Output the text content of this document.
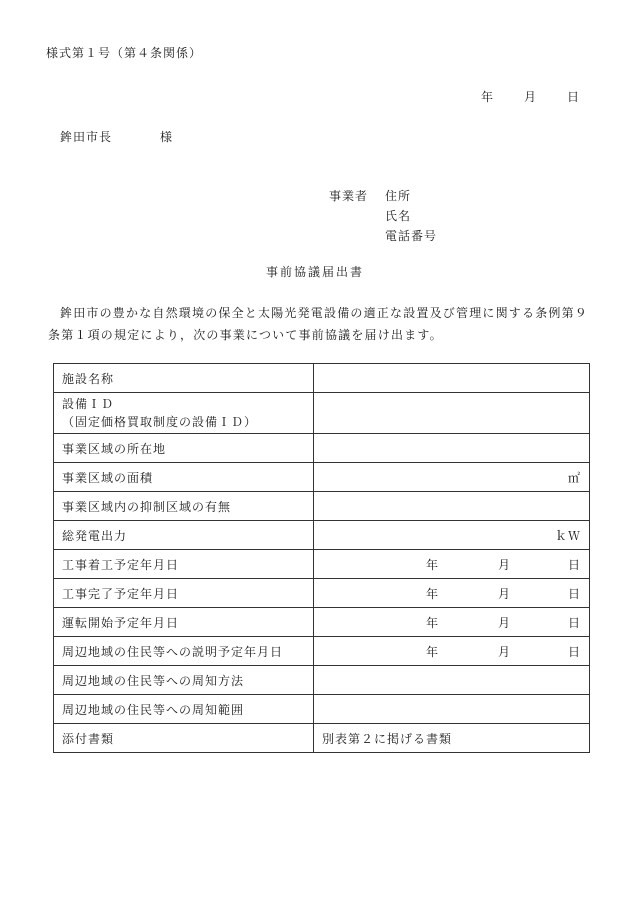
様式第１号（第４条関係）
年	月	日
鉾田市長	様
事業者 住所
氏名
電話番号
事前協議届出書
鉾田市の豊かな自然環境の保全と太陽光発電設備の適正な設置及び管理に関する条例第９条第１項の規定により，次の事業について事前協議を届け出ます。
施設名称	

設備ＩＤ
（固定価格買取制度の設備ＩＤ）	

事業区域の所在地	
事業区域の面積	㎡
事業区域内の抑制区域の有無	
総発電出力	ｋＷ
工事着工予定年月日	年 月 日

工事完了予定年月日	年 月 日

運転開始予定年月日	年 月 日

周辺地域の住民等への説明予定年月日	年 月 日

周辺地域の住民等への周知方法	
周辺地域の住民等への周知範囲	
添付書類	別表第２に掲げる書類
